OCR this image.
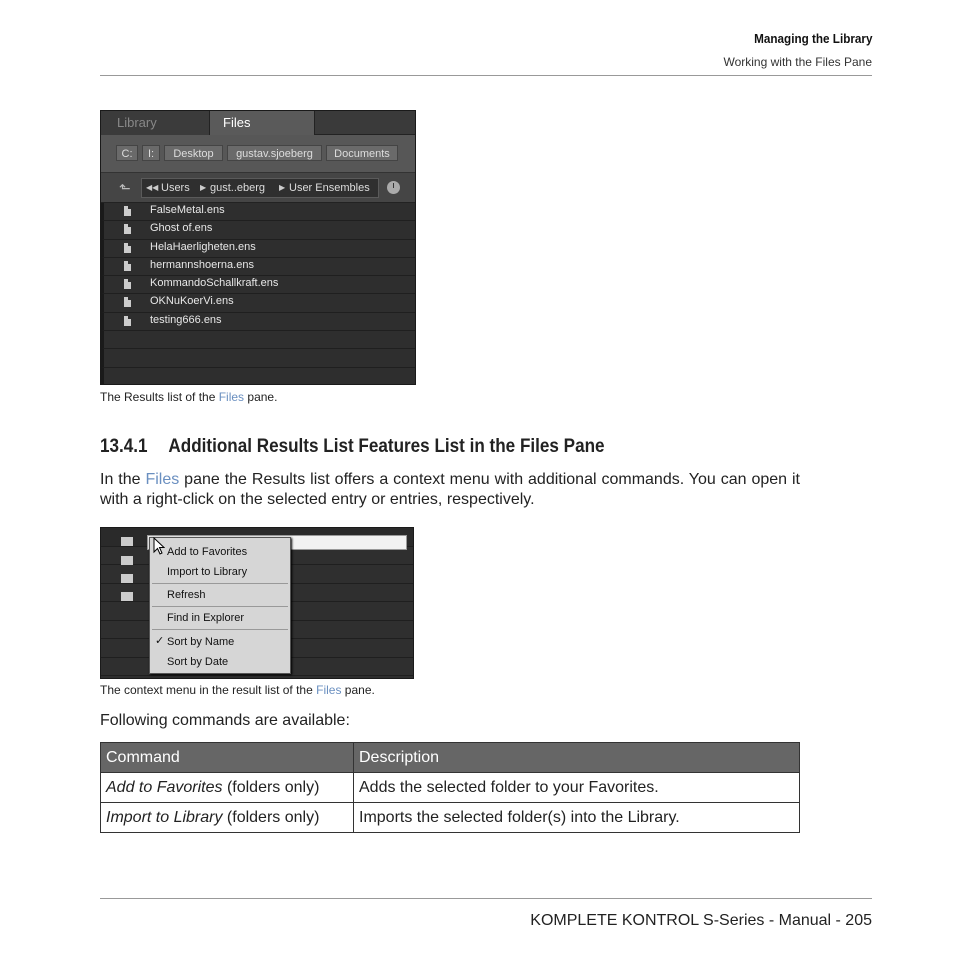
Managing the Library
Working with the Files Pane
Library	Files
C:	I:	Desktop	gustav.sjoeberg	Documents
⬑ ◀◀ Users ▶ gust..eberg ▶ User Ensembles
FalseMetal.ens
Ghost of.ens
HelaHaerligheten.ens
hermannshoerna.ens
KommandoSchallkraft.ens
OKNuKoerVi.ens
testing666.ens
The Results list of the Files pane.
13.4.1 Additional Results List Features List in the Files Pane
In the Files pane the Results list offers a context menu with additional commands. You can open it with a right-click on the selected entry or entries, respectively.
Add to Favorites
Import to Library
Refresh
Find in Explorer
✓ Sort by Name
Sort by Date
The context menu in the result list of the Files pane.
Following commands are available:
Command	Description
Add to Favorites (folders only)	Adds the selected folder to your Favorites.
Import to Library (folders only)	Imports the selected folder(s) into the Library.
KOMPLETE KONTROL S-Series - Manual - 205
